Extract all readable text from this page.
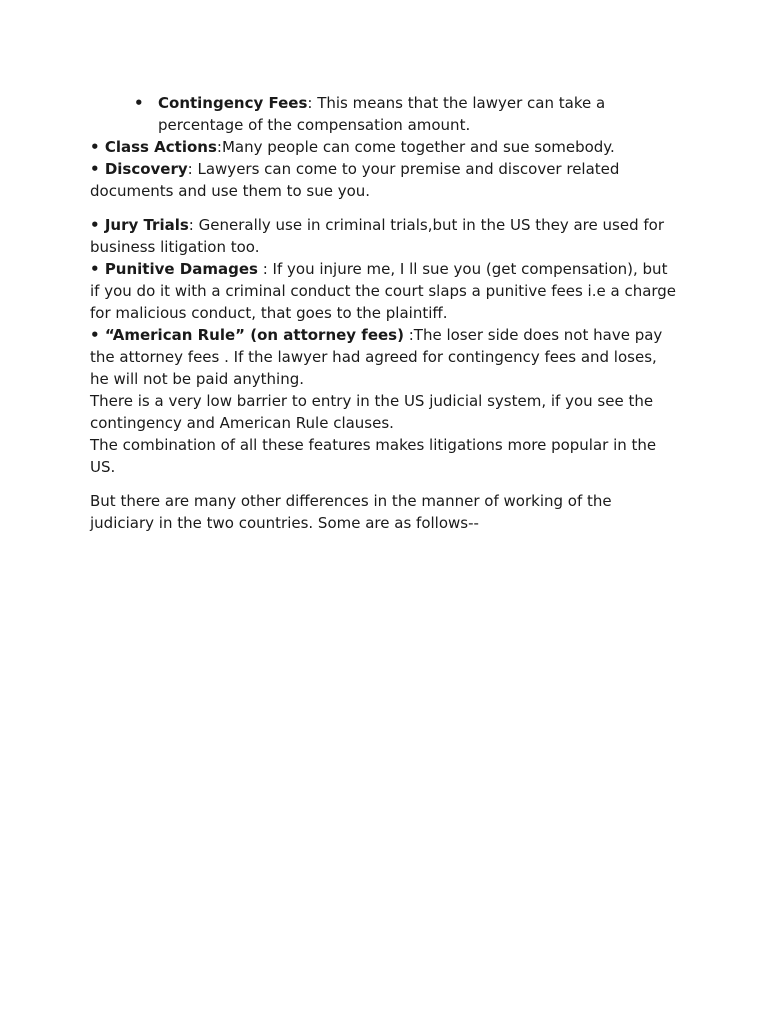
• Contingency Fees: This means that the lawyer can take a percentage of the compensation amount.

• Class Actions:Many people can come together and sue somebody.

• Discovery: Lawyers can come to your premise and discover related documents and use them to sue you.

• Jury Trials: Generally use in criminal trials,but in the US they are used for business litigation too.

• Punitive Damages : If you injure me, I ll sue you (get compensation), but if you do it with a criminal conduct the court slaps a punitive fees i.e a charge for malicious conduct, that goes to the plaintiff.

• “American Rule” (on attorney fees) :The loser side does not have pay the attorney fees . If the lawyer had agreed for contingency fees and loses, he will not be paid anything.

There is a very low barrier to entry in the US judicial system, if you see the contingency and American Rule clauses.

The combination of all these features makes litigations more popular in the US.

But there are many other differences in the manner of working of the judiciary in the two countries. Some are as follows--
